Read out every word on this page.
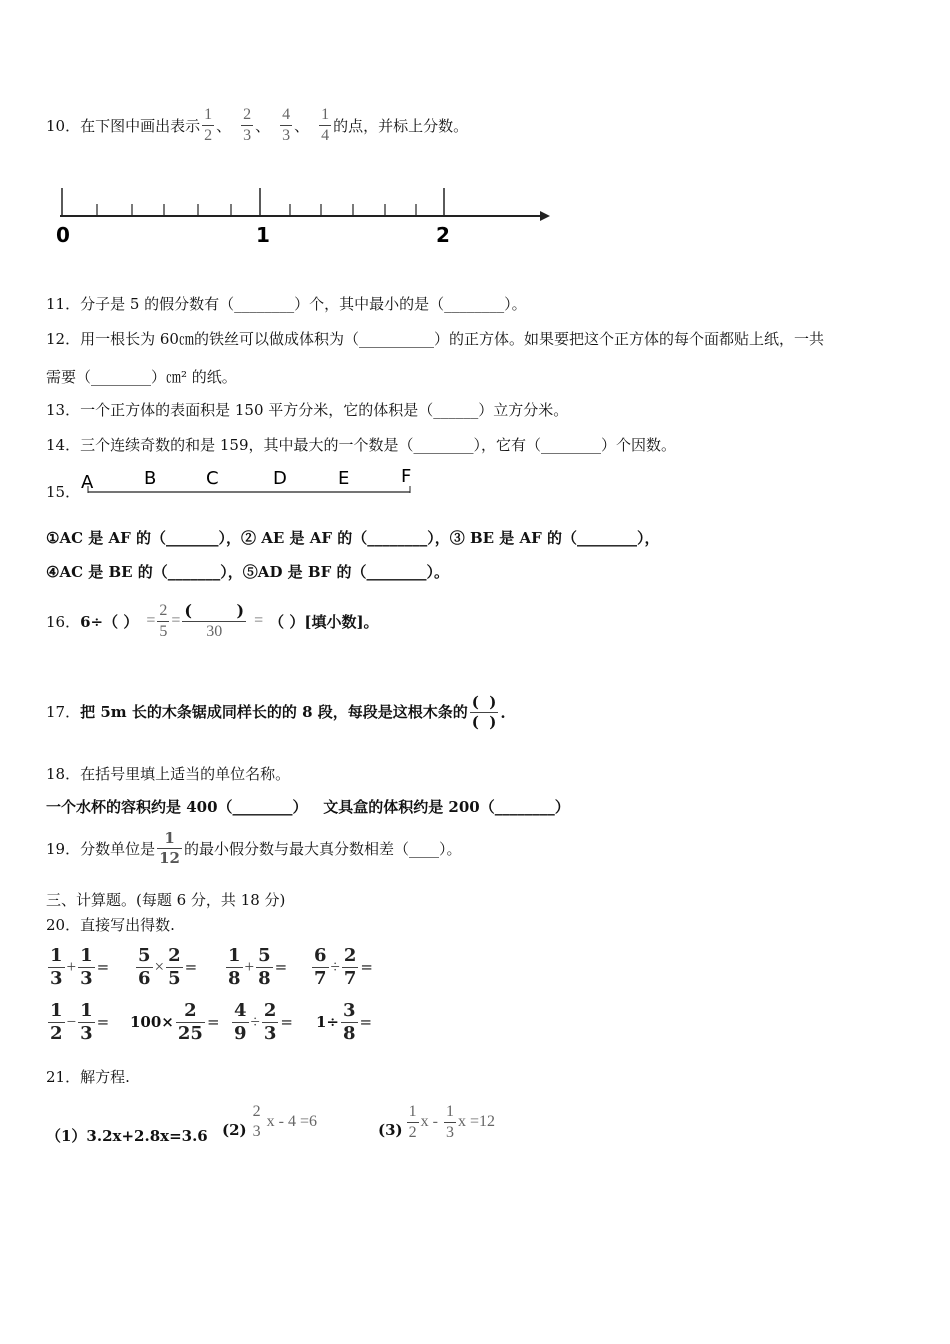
10． 在下图中画出表示 $\frac{1}{2}$ 、 $\frac{2}{3}$ 、 $\frac{4}{3}$ 、 $\frac{1}{4}$ 的点，并标上分数。
0	1	2
11．分子是 5 的假分数有（________）个，其中最小的是（________）。
12．用一根长为 60㎝的铁丝可以做成体积为（__________）的正方体。如果要把这个正方体的每个面都贴上纸，一共
需要（________）㎝² 的纸。
13．一个正方体的表面积是 150 平方分米，它的体积是（______）立方分米。
14．三个连续奇数的和是 159，其中最大的一个数是（________），它有（________）个因数。
15． A	B	C	D	E	F
①AC 是 AF 的（_______），② AE 是 AF 的（________），③ BE 是 AF 的（________），
④AC 是 BE 的（_______），⑤AD 是 BF 的（________）。
16． 6÷（ ） = $\frac{2}{5} = \frac{( )}{30}$ = （ ）[填小数]。
17． 把 5m 长的木条锯成同样长的的 8 段，每段是这根木条的 $\frac{( )}{( )}$ .
18．在括号里填上适当的单位名称。
一个水杯的容积约是 400（________）   文具盒的体积约是 200（________）
19．分数单位是 $\frac{1}{12}$ 的最小假分数与最大真分数相差（____）。
三、计算题。(每题 6 分，共 18 分)
20．直接写出得数.
$\frac{1}{3} + \frac{1}{3} = \frac{5}{6} \times \frac{2}{5} = \frac{1}{8} + \frac{5}{8} = \frac{6}{7} \div \frac{2}{7}$ =
$\frac{1}{2} - \frac{1}{3} = 100\times \frac{2}{25} = \frac{4}{9} \div \frac{2}{3} = 1\div \frac{3}{8}$ =
21．解方程.
（1）3.2x+2.8x=3.6 (2)
2
3
x - 4 =6	$(3) \frac{1}{2}$ x - $\frac{1}{3}$ x =12
